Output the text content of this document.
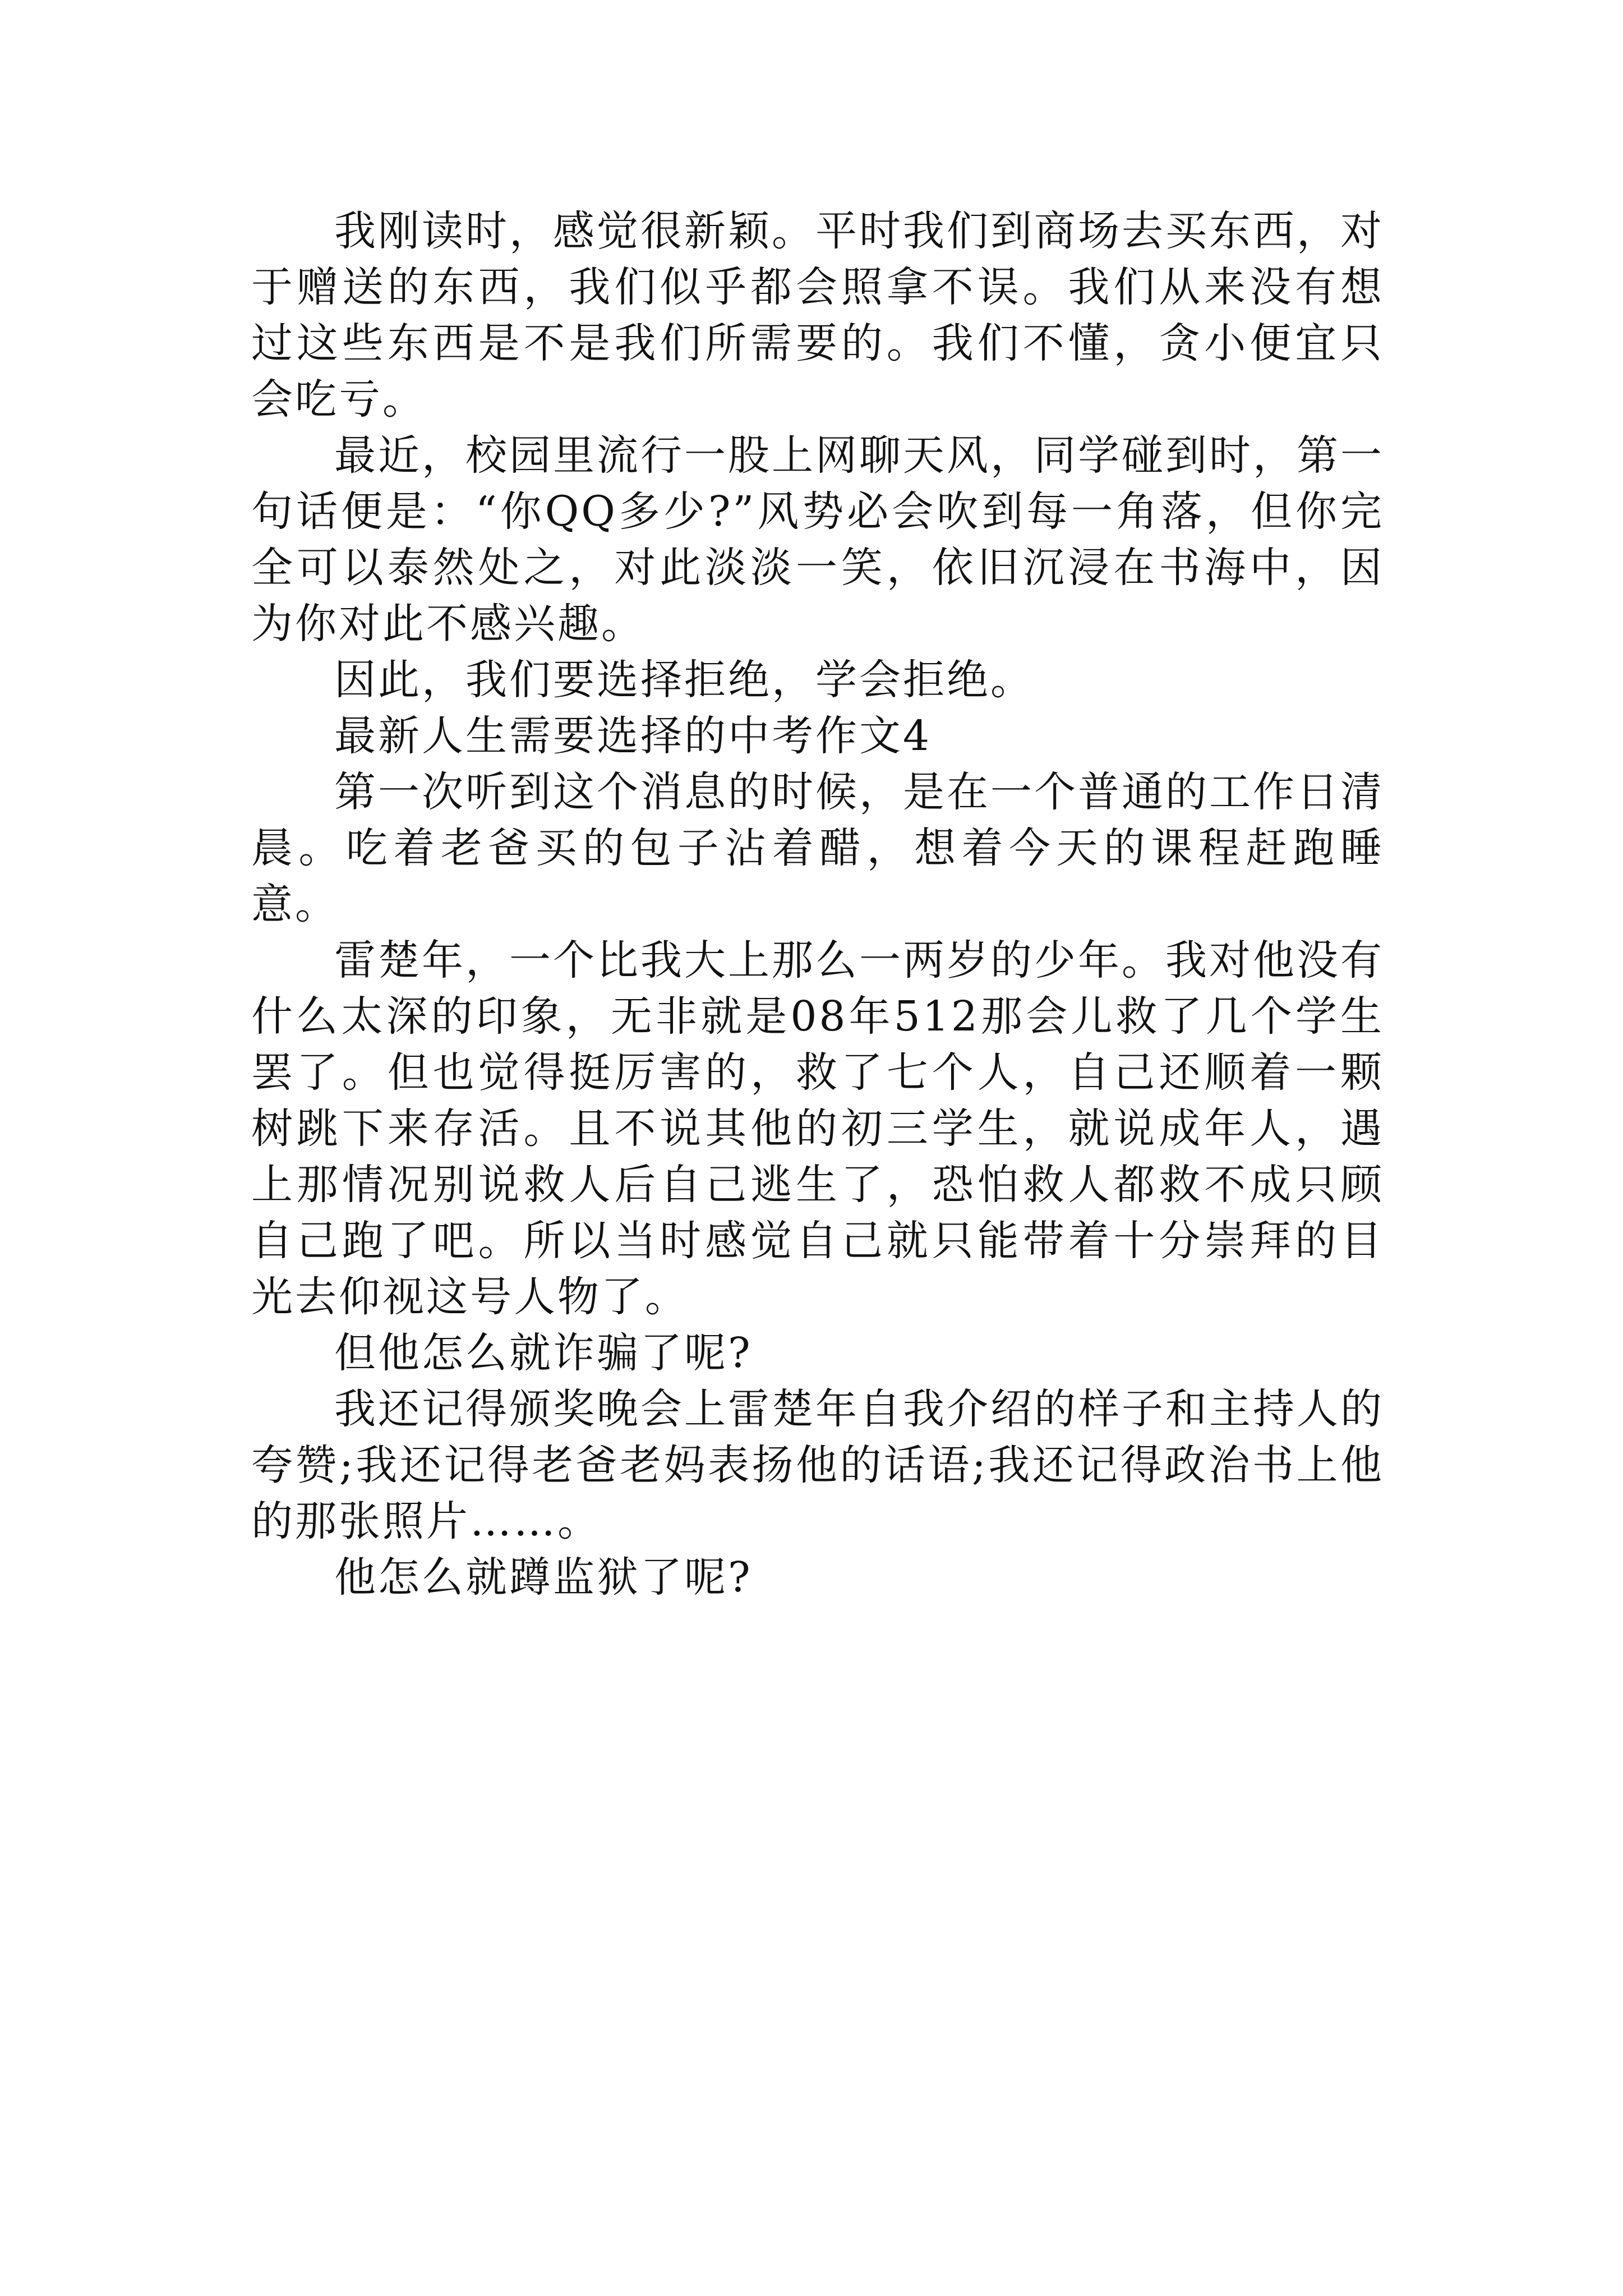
我刚读时，感觉很新颖。平时我们到商场去买东西，对于赠送的东西，我们似乎都会照拿不误。我们从来没有想过这些东西是不是我们所需要的。我们不懂，贪小便宜只会吃亏。

最近，校园里流行一股上网聊天风，同学碰到时，第一句话便是：“你QQ多少?”风势必会吹到每一角落，但你完全可以泰然处之，对此淡淡一笑，依旧沉浸在书海中，因为你对此不感兴趣。

因此，我们要选择拒绝，学会拒绝。

最新人生需要选择的中考作文4

第一次听到这个消息的时候，是在一个普通的工作日清晨。吃着老爸买的包子沾着醋，想着今天的课程赶跑睡意。

雷楚年，一个比我大上那么一两岁的少年。我对他没有什么太深的印象，无非就是08年512那会儿救了几个学生罢了。但也觉得挺厉害的，救了七个人，自己还顺着一颗树跳下来存活。且不说其他的初三学生，就说成年人，遇上那情况别说救人后自己逃生了，恐怕救人都救不成只顾自己跑了吧。所以当时感觉自己就只能带着十分崇拜的目光去仰视这号人物了。

但他怎么就诈骗了呢?

我还记得颁奖晚会上雷楚年自我介绍的样子和主持人的夸赞;我还记得老爸老妈表扬他的话语;我还记得政治书上他的那张照片……。

他怎么就蹲监狱了呢?
